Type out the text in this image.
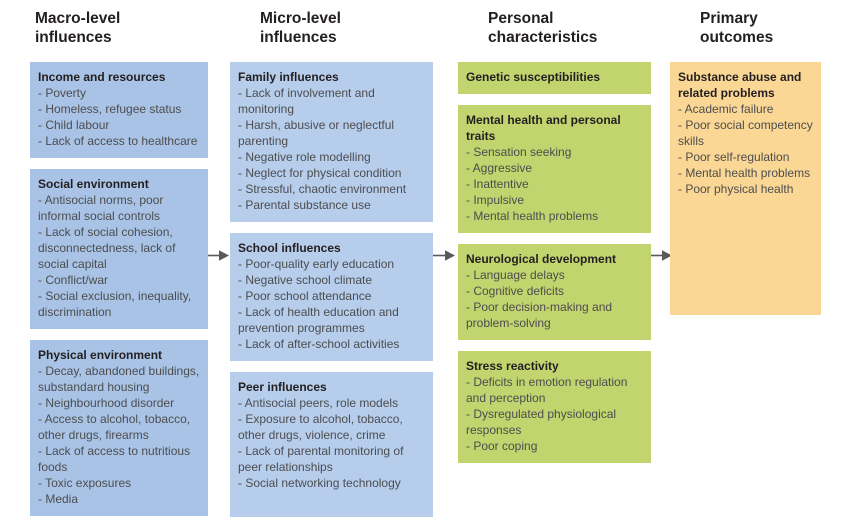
Macro-level influences
Income and resources
- Poverty
- Homeless, refugee status
- Child labour
- Lack of access to healthcare
Social environment
- Antisocial norms, poor informal social controls
- Lack of social cohesion, disconnectedness, lack of social capital
- Conflict/war
- Social exclusion, inequality, discrimination
Physical environment
- Decay, abandoned buildings, substandard housing
- Neighbourhood disorder
- Access to alcohol, tobacco, other drugs, firearms
- Lack of access to nutritious foods
- Toxic exposures
- Media
Micro-level influences
Family influences
- Lack of involvement and monitoring
- Harsh, abusive or neglectful parenting
- Negative role modelling
- Neglect for physical condition
- Stressful, chaotic environment
- Parental substance use
School influences
- Poor-quality early education
- Negative school climate
- Poor school attendance
- Lack of health education and prevention programmes
- Lack of after-school activities
Peer influences
- Antisocial peers, role models
- Exposure to alcohol, tobacco, other drugs, violence, crime
- Lack of parental monitoring of peer relationships
- Social networking technology
Personal characteristics
Genetic susceptibilities
Mental health and personal traits
- Sensation seeking
- Aggressive
- Inattentive
- Impulsive
- Mental health problems
Neurological development
- Language delays
- Cognitive deficits
- Poor decision-making and problem-solving
Stress reactivity
- Deficits in emotion regulation and perception
- Dysregulated physiological responses
- Poor coping
Primary outcomes
Substance abuse and related problems
- Academic failure
- Poor social competency skills
- Poor self-regulation
- Mental health problems
- Poor physical health
